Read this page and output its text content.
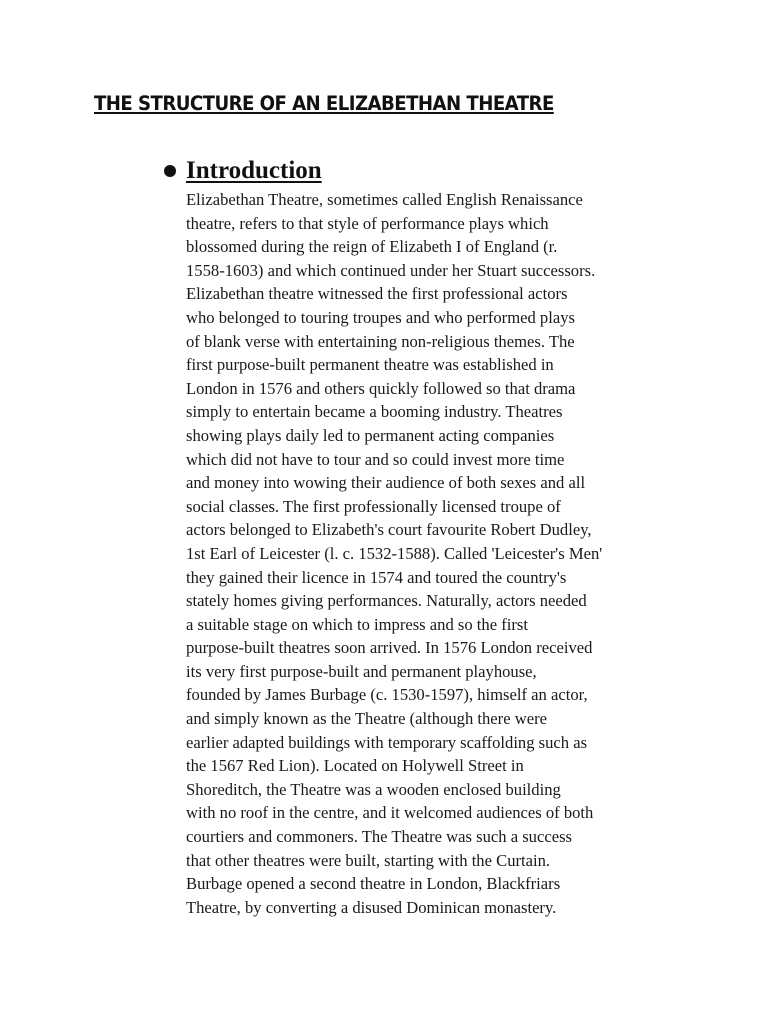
THE STRUCTURE OF AN ELIZABETHAN THEATRE
Introduction

Elizabethan Theatre, sometimes called English Renaissance
theatre, refers to that style of performance plays which
blossomed during the reign of Elizabeth I of England (r.
1558-1603) and which continued under her Stuart successors.
Elizabethan theatre witnessed the first professional actors
who belonged to touring troupes and who performed plays
of blank verse with entertaining non-religious themes. The
first purpose-built permanent theatre was established in
London in 1576 and others quickly followed so that drama
simply to entertain became a booming industry. Theatres
showing plays daily led to permanent acting companies
which did not have to tour and so could invest more time
and money into wowing their audience of both sexes and all
social classes. The first professionally licensed troupe of
actors belonged to Elizabeth's court favourite Robert Dudley,
1st Earl of Leicester (l. c. 1532-1588). Called 'Leicester's Men'
they gained their licence in 1574 and toured the country's
stately homes giving performances. Naturally, actors needed
a suitable stage on which to impress and so the first
purpose-built theatres soon arrived. In 1576 London received
its very first purpose-built and permanent playhouse,
founded by James Burbage (c. 1530-1597), himself an actor,
and simply known as the Theatre (although there were
earlier adapted buildings with temporary scaffolding such as
the 1567 Red Lion). Located on Holywell Street in
Shoreditch, the Theatre was a wooden enclosed building
with no roof in the centre, and it welcomed audiences of both
courtiers and commoners. The Theatre was such a success
that other theatres were built, starting with the Curtain.
Burbage opened a second theatre in London, Blackfriars
Theatre, by converting a disused Dominican monastery.
